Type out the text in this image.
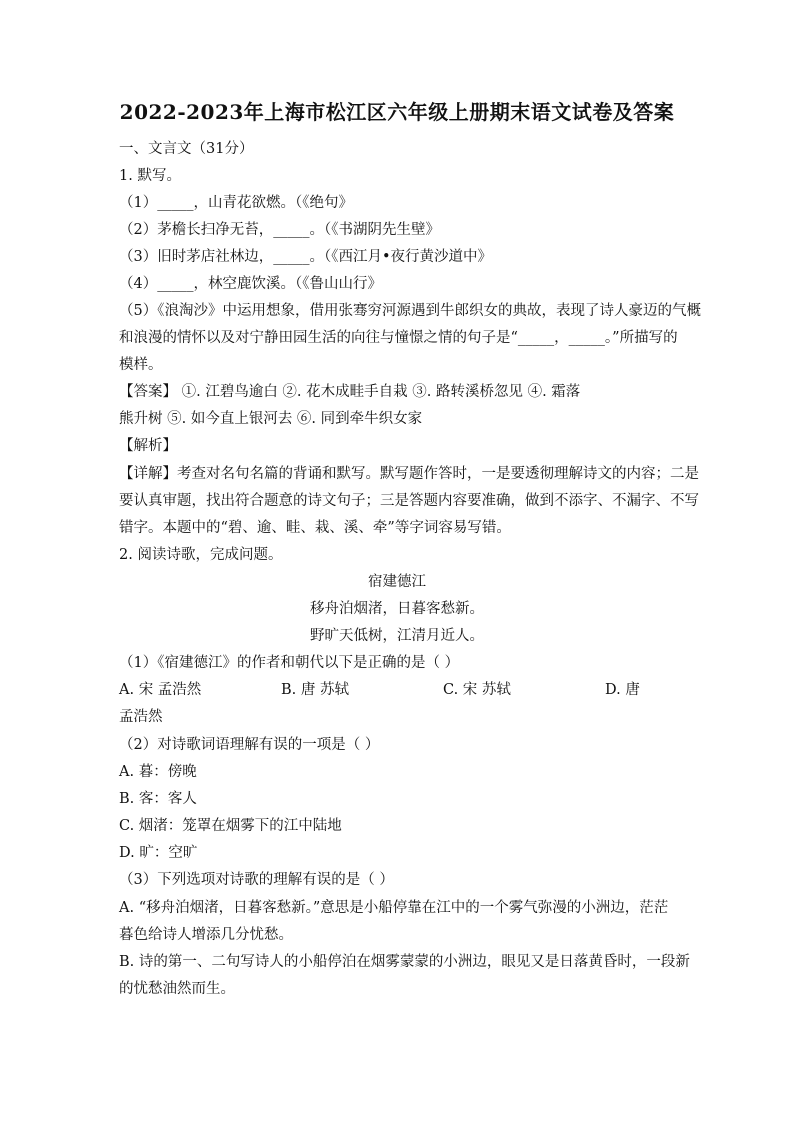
2022-2023年上海市松江区六年级上册期末语文试卷及答案
一、文言文（31分）
1. 默写。
（1）_____，山青花欲燃。（《绝句》
（2）茅檐长扫净无苔，_____。（《书湖阴先生壁》
（3）旧时茅店社林边，_____。（《西江月•夜行黄沙道中》
（4）_____，林空鹿饮溪。（《鲁山山行》
（5）《浪淘沙》中运用想象，借用张骞穷河源遇到牛郎织女的典故，表现了诗人豪迈的气概
和浪漫的情怀以及对宁静田园生活的向往与憧憬之情的句子是“_____，_____。”所描写的
模样。
【答案】 ①. 江碧鸟逾白 ②. 花木成畦手自栽 ③. 路转溪桥忽见 ④. 霜落
熊升树 ⑤. 如今直上银河去 ⑥. 同到牵牛织女家
【解析】
【详解】考查对名句名篇的背诵和默写。默写题作答时，一是要透彻理解诗文的内容；二是
要认真审题，找出符合题意的诗文句子；三是答题内容要准确，做到不添字、不漏字、不写
错字。本题中的“碧、逾、畦、栽、溪、牵”等字词容易写错。
2. 阅读诗歌，完成问题。
宿建德江
移舟泊烟渚，日暮客愁新。
野旷天低树，江清月近人。
（1）《宿建德江》的作者和朝代以下是正确的是（ ）
A. 宋 孟浩然	B. 唐 苏轼	C. 宋 苏轼	D. 唐
孟浩然
（2）对诗歌词语理解有误的一项是（ ）
A. 暮：傍晚
B. 客：客人
C. 烟渚：笼罩在烟雾下的江中陆地
D. 旷：空旷
（3）下列选项对诗歌的理解有误的是（ ）
A. “移舟泊烟渚，日暮客愁新。”意思是小船停靠在江中的一个雾气弥漫的小洲边，茫茫
暮色给诗人增添几分忧愁。
B. 诗的第一、二句写诗人的小船停泊在烟雾蒙蒙的小洲边，眼见又是日落黄昏时，一段新
的忧愁油然而生。
